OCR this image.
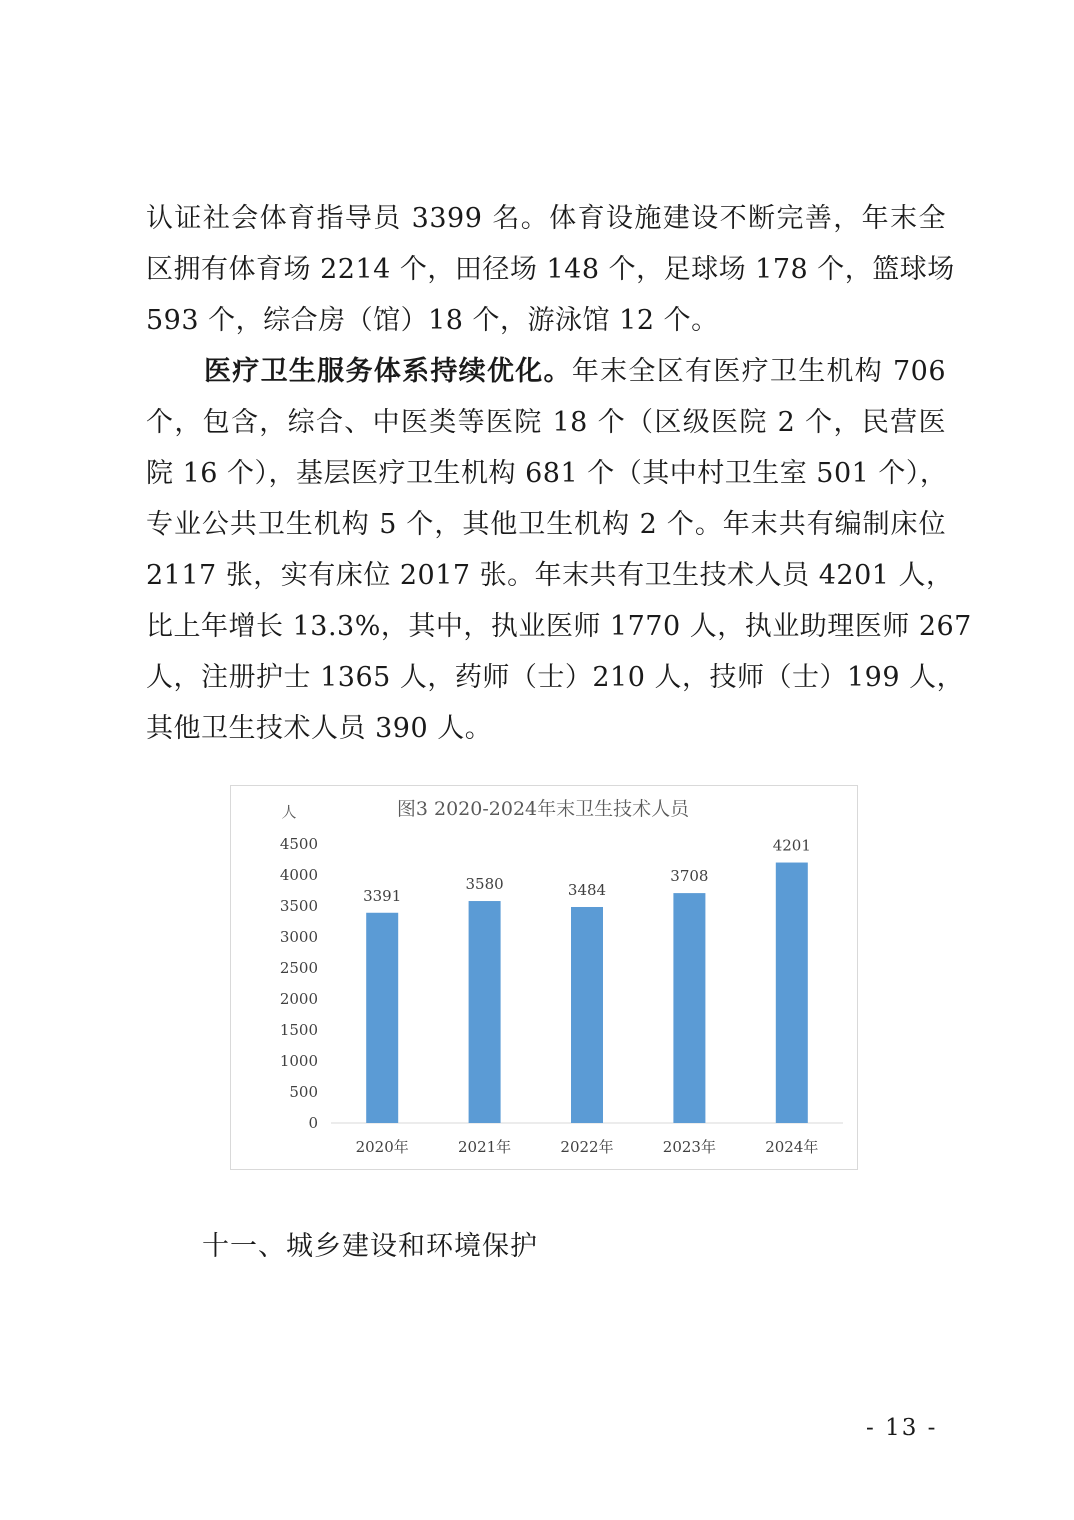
认证社会体育指导员 3399 名。体育设施建设不断完善，年末全
区拥有体育场 2214 个，田径场 148 个，足球场 178 个，篮球场
593 个，综合房（馆）18 个，游泳馆 12 个。
医疗卫生服务体系持续优化。年末全区有医疗卫生机构 706
个，包含，综合、中医类等医院 18 个（区级医院 2 个，民营医
院 16 个），基层医疗卫生机构 681 个（其中村卫生室 501 个），
专业公共卫生机构 5 个，其他卫生机构 2 个。年末共有编制床位
2117 张，实有床位 2017 张。年末共有卫生技术人员 4201 人，
比上年增长 13.3%，其中，执业医师 1770 人，执业助理医师 267
人，注册护士 1365 人，药师（士）210 人，技师（士）199 人，
其他卫生技术人员 390 人。
图3 2020-2024年末卫生技术人员
人
0
500
1000
1500
2000
2500
3000
3500
4000
4500
3391
2020年
3580
2021年
3484
2022年
3708
2023年
4201
2024年
十一、城乡建设和环境保护
- 13 -
